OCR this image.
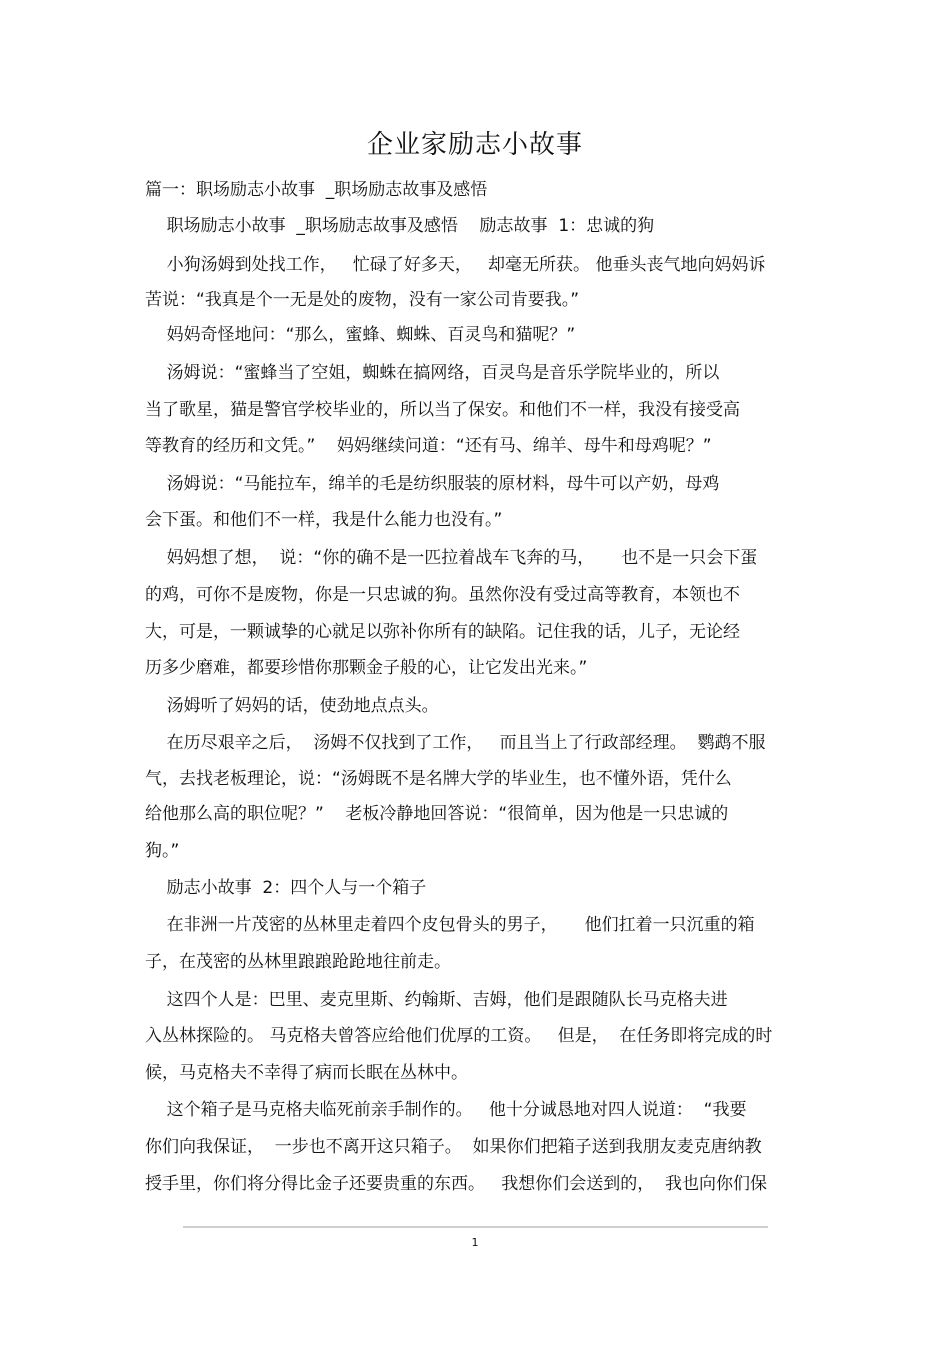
企业家励志小故事

篇一：职场励志小故事  _职场励志故事及感悟

职场励志小故事  _职场励志故事及感悟    励志故事  1：忠诚的狗

小狗汤姆到处找工作，   忙碌了好多天，   却毫无所获。 他垂头丧气地向妈妈诉

苦说：“我真是个一无是处的废物，没有一家公司肯要我。”

妈妈奇怪地问：“那么，蜜蜂、蜘蛛、百灵鸟和猫呢？”

汤姆说：“蜜蜂当了空姐，蜘蛛在搞网络，百灵鸟是音乐学院毕业的，所以

当了歌星，猫是警官学校毕业的，所以当了保安。和他们不一样，我没有接受高

等教育的经历和文凭。”    妈妈继续问道：“还有马、绵羊、母牛和母鸡呢？”

汤姆说：“马能拉车，绵羊的毛是纺织服装的原材料，母牛可以产奶，母鸡

会下蛋。和他们不一样，我是什么能力也没有。”

妈妈想了想，  说：“你的确不是一匹拉着战车飞奔的马，     也不是一只会下蛋

的鸡，可你不是废物，你是一只忠诚的狗。虽然你没有受过高等教育，本领也不

大，可是，一颗诚挚的心就足以弥补你所有的缺陷。记住我的话，儿子，无论经

历多少磨难，都要珍惜你那颗金子般的心，让它发出光来。”

汤姆听了妈妈的话，使劲地点点头。

在历尽艰辛之后，  汤姆不仅找到了工作，   而且当上了行政部经理。  鹦鹉不服

气，去找老板理论，说：“汤姆既不是名牌大学的毕业生，也不懂外语，凭什么

给他那么高的职位呢？”    老板冷静地回答说：“很简单，因为他是一只忠诚的

狗。”

励志小故事  2：四个人与一个箱子

在非洲一片茂密的丛林里走着四个皮包骨头的男子，     他们扛着一只沉重的箱

子，在茂密的丛林里踉踉跄跄地往前走。

这四个人是：巴里、麦克里斯、约翰斯、吉姆，他们是跟随队长马克格夫进

入丛林探险的。 马克格夫曾答应给他们优厚的工资。   但是，  在任务即将完成的时

候，马克格夫不幸得了病而长眠在丛林中。

这个箱子是马克格夫临死前亲手制作的。   他十分诚恳地对四人说道：  “我要

你们向我保证，  一步也不离开这只箱子。  如果你们把箱子送到我朋友麦克唐纳教

授手里，你们将分得比金子还要贵重的东西。   我想你们会送到的，  我也向你们保

1
